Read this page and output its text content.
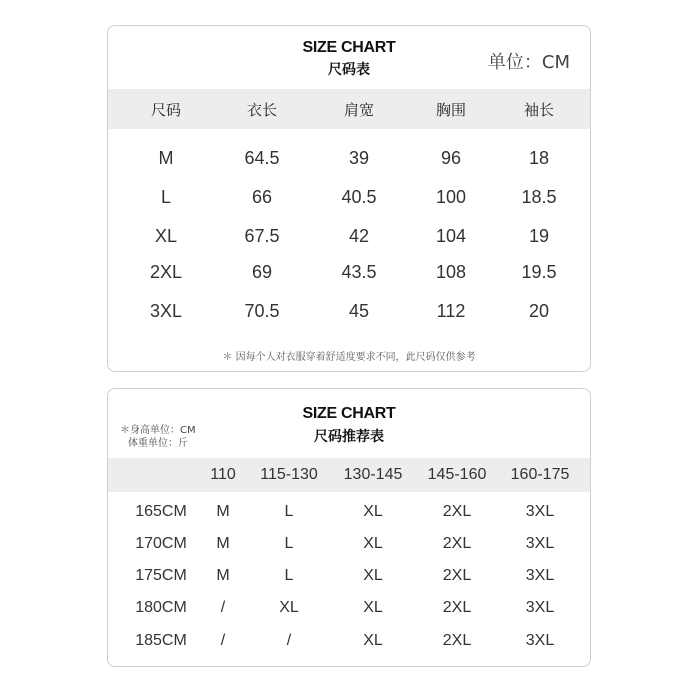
SIZE CHART
尺码表	单位：CM
尺码	衣长	肩宽	胸围	袖长
M	64.5	39	96	18
L	66	40.5	100	18.5
XL	67.5	42	104	19
2XL	69	43.5	108	19.5
3XL	70.5	45	112	20
＊ 因每个人对衣服穿着舒适度要求不同，此尺码仅供参考
SIZE CHART
尺码推荐表
＊身高单位：CM
体重单位：斤
110 115-130 130-145 145-160 160-175
165CM M	L	XL	2XL	3XL
170CM M	L	XL	2XL	3XL
175CM M	L	XL	2XL	3XL
180CM /	XL	XL	2XL	3XL
185CM /	/	XL	2XL	3XL
